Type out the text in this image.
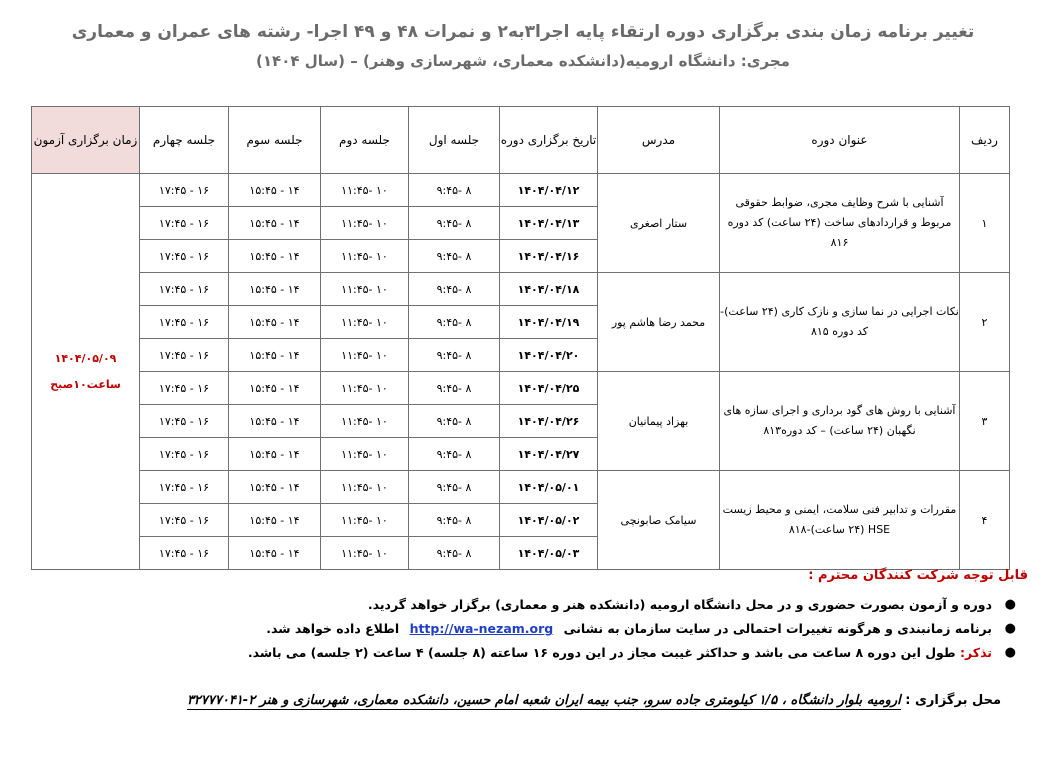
تغییر برنامه زمان بندی برگزاری دوره ارتقاء پایه اجرا۳به۲ و نمرات ۴۸ و ۴۹ اجرا- رشته های عمران و معماری
مجری: دانشگاه ارومیه(دانشکده معماری، شهرسازی وهنر) – (سال ۱۴۰۴)
ردیف	عنوان دوره	مدرس	تاریخ برگزاری دوره	جلسه اول	جلسه دوم	جلسه سوم	جلسه چهارم	زمان برگزاری آزمون
۱	آشنایی با شرح وظایف مجری، ضوابط حقوقی مربوط و قراردادهای ساخت (۲۴ ساعت) کد دوره ۸۱۶	ستار اصغری	۱۴۰۴/۰۴/۱۲	۸ -۹:۴۵	۱۰ -۱۱:۴۵	۱۴ - ۱۵:۴۵	۱۶ - ۱۷:۴۵	۱۴۰۴/۰۵/۰۹
ساعت۱۰صبح

			۱۴۰۴/۰۴/۱۳	۸ -۹:۴۵	۱۰ -۱۱:۴۵	۱۴ - ۱۵:۴۵	۱۶ - ۱۷:۴۵	
			۱۴۰۴/۰۴/۱۶	۸ -۹:۴۵	۱۰ -۱۱:۴۵	۱۴ - ۱۵:۴۵	۱۶ - ۱۷:۴۵	
۲	نکات اجرایی در نما سازی و نازک کاری (۲۴ ساعت)-کد دوره ۸۱۵	محمد رضا هاشم پور	۱۴۰۴/۰۴/۱۸	۸ -۹:۴۵	۱۰ -۱۱:۴۵	۱۴ - ۱۵:۴۵	۱۶ - ۱۷:۴۵	
			۱۴۰۴/۰۴/۱۹	۸ -۹:۴۵	۱۰ -۱۱:۴۵	۱۴ - ۱۵:۴۵	۱۶ - ۱۷:۴۵	
			۱۴۰۴/۰۴/۲۰	۸ -۹:۴۵	۱۰ -۱۱:۴۵	۱۴ - ۱۵:۴۵	۱۶ - ۱۷:۴۵	
۳	آشنایی با روش های گود برداری و اجرای سازه های نگهبان (۲۴ ساعت) – کد دوره۸۱۳	بهزاد پیمانیان	۱۴۰۴/۰۴/۲۵	۸ -۹:۴۵	۱۰ -۱۱:۴۵	۱۴ - ۱۵:۴۵	۱۶ - ۱۷:۴۵	
			۱۴۰۴/۰۴/۲۶	۸ -۹:۴۵	۱۰ -۱۱:۴۵	۱۴ - ۱۵:۴۵	۱۶ - ۱۷:۴۵	
			۱۴۰۴/۰۴/۲۷	۸ -۹:۴۵	۱۰ -۱۱:۴۵	۱۴ - ۱۵:۴۵	۱۶ - ۱۷:۴۵	
۴	مقررات و تدابیر فنی سلامت، ایمنی و محیط زیست HSE (۲۴ ساعت)-۸۱۸	سیامک صابونچی	۱۴۰۴/۰۵/۰۱	۸ -۹:۴۵	۱۰ -۱۱:۴۵	۱۴ - ۱۵:۴۵	۱۶ - ۱۷:۴۵	
			۱۴۰۴/۰۵/۰۲	۸ -۹:۴۵	۱۰ -۱۱:۴۵	۱۴ - ۱۵:۴۵	۱۶ - ۱۷:۴۵	
			۱۴۰۴/۰۵/۰۳	۸ -۹:۴۵	۱۰ -۱۱:۴۵	۱۴ - ۱۵:۴۵	۱۶ - ۱۷:۴۵	
قابل توجه شرکت کنندگان محترم :
●
دوره و آزمون بصورت حضوری و در محل دانشگاه ارومیه (دانشکده هنر و معماری) برگزار خواهد گردید.
●
برنامه زمانبندی و هرگونه تغییرات احتمالی در سایت سازمان به نشانی http://wa-nezam.org اطلاع داده خواهد شد.
●
تذکر: طول این دوره ۸ ساعت می باشد و حداکثر غیبت مجاز در این دوره ۱۶ ساعته (۸ جلسه) ۴ ساعت (۲ جلسه) می باشد.
محل برگزاری : ارومیه بلوار دانشگاه ، ۱/۵ کیلومتری جاده سرو، جنب بیمه ایران شعبه امام حسین، دانشکده معماری، شهرسازی و هنر ۲-۳۲۷۷۷۰۴۱
